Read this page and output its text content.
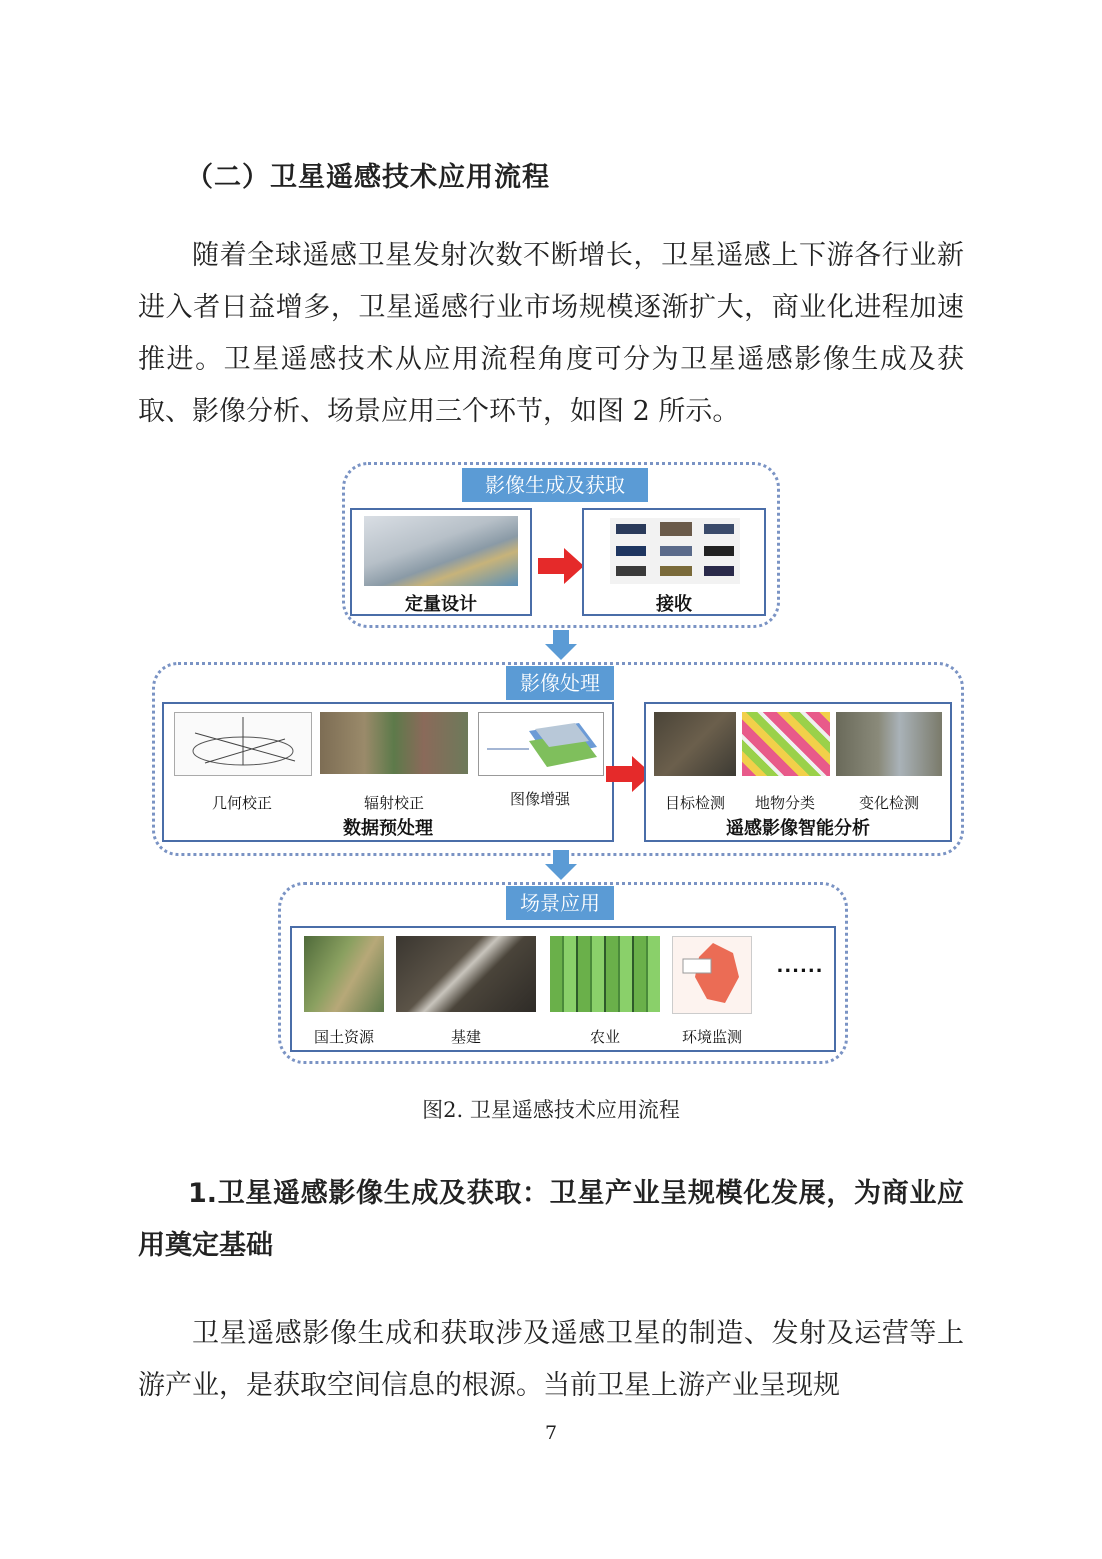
（二）卫星遥感技术应用流程
随着全球遥感卫星发射次数不断增长，卫星遥感上下游各行业新进入者日益增多，卫星遥感行业市场规模逐渐扩大，商业化进程加速推进。卫星遥感技术从应用流程角度可分为卫星遥感影像生成及获取、影像分析、场景应用三个环节，如图 2 所示。
影像生成及获取
定量设计	接收
影像处理
几何校正	辐射校正	图像增强
数据预处理
目标检测	地物分类	变化检测
遥感影像智能分析
场景应用
国土资源	基建	农业	环境监测
......
图2. 卫星遥感技术应用流程
1.卫星遥感影像生成及获取：卫星产业呈规模化发展，为商业应用奠定基础
卫星遥感影像生成和获取涉及遥感卫星的制造、发射及运营等上游产业，是获取空间信息的根源。当前卫星上游产业呈现规
7
